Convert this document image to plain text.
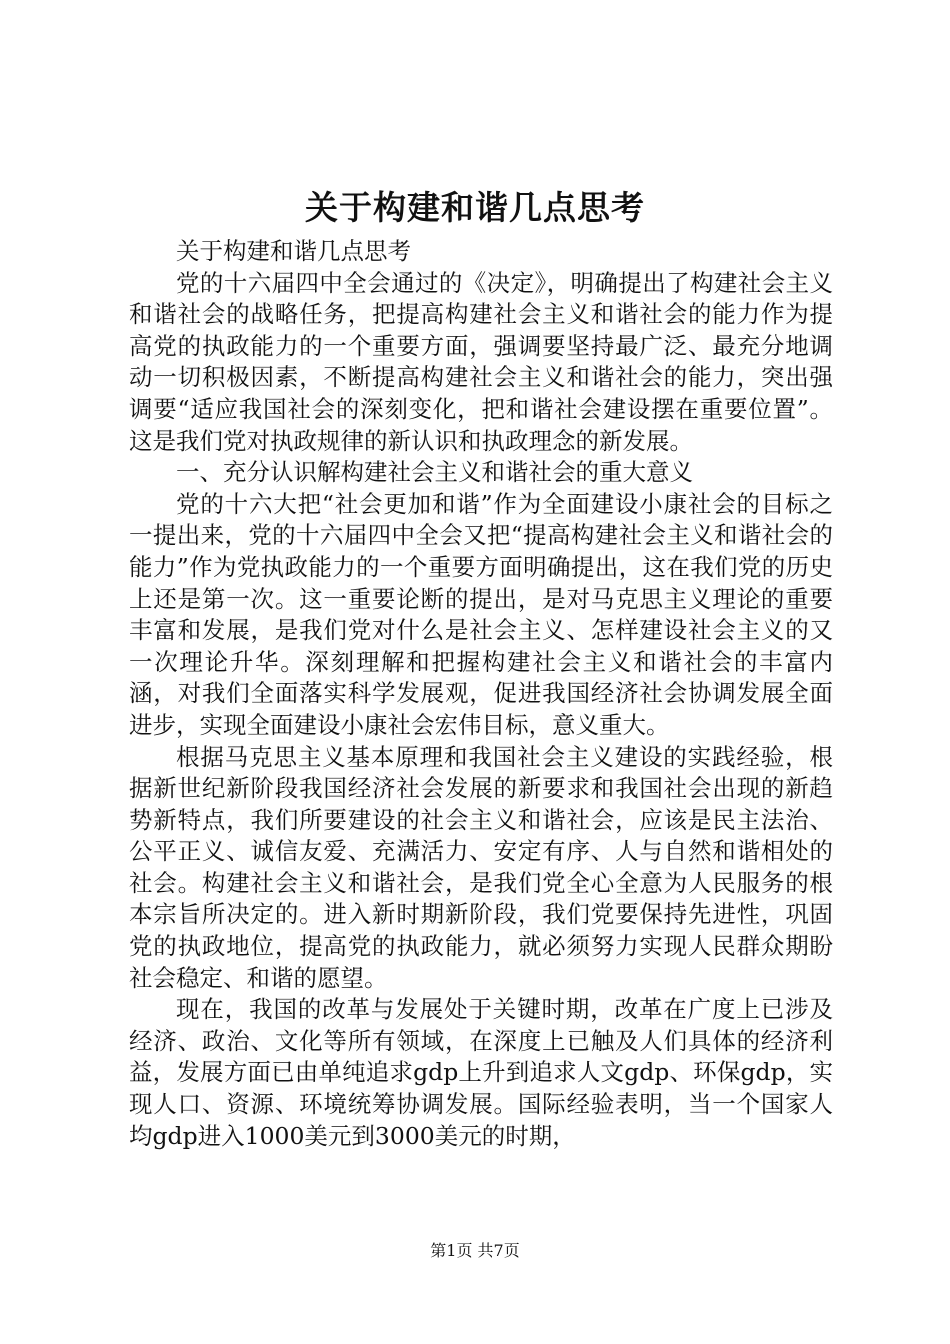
关于构建和谐几点思考

关于构建和谐几点思考

党的十六届四中全会通过的《决定》，明确提出了构建社会主义和谐社会的战略任务，把提高构建社会主义和谐社会的能力作为提高党的执政能力的一个重要方面，强调要坚持最广泛、最充分地调动一切积极因素，不断提高构建社会主义和谐社会的能力，突出强调要“适应我国社会的深刻变化，把和谐社会建设摆在重要位置”。这是我们党对执政规律的新认识和执政理念的新发展。

一、充分认识解构建社会主义和谐社会的重大意义

党的十六大把“社会更加和谐”作为全面建设小康社会的目标之一提出来，党的十六届四中全会又把“提高构建社会主义和谐社会的能力”作为党执政能力的一个重要方面明确提出，这在我们党的历史上还是第一次。这一重要论断的提出，是对马克思主义理论的重要丰富和发展，是我们党对什么是社会主义、怎样建设社会主义的又一次理论升华。深刻理解和把握构建社会主义和谐社会的丰富内涵，对我们全面落实科学发展观，促进我国经济社会协调发展全面进步，实现全面建设小康社会宏伟目标，意义重大。

根据马克思主义基本原理和我国社会主义建设的实践经验，根据新世纪新阶段我国经济社会发展的新要求和我国社会出现的新趋势新特点，我们所要建设的社会主义和谐社会，应该是民主法治、公平正义、诚信友爱、充满活力、安定有序、人与自然和谐相处的社会。构建社会主义和谐社会，是我们党全心全意为人民服务的根本宗旨所决定的。进入新时期新阶段，我们党要保持先进性，巩固党的执政地位，提高党的执政能力，就必须努力实现人民群众期盼社会稳定、和谐的愿望。

现在，我国的改革与发展处于关键时期，改革在广度上已涉及经济、政治、文化等所有领域，在深度上已触及人们具体的经济利益，发展方面已由单纯追求gdp上升到追求人文gdp、环保gdp，实现人口、资源、环境统筹协调发展。国际经验表明，当一个国家人均gdp进入1000美元到3000美元的时期，

第1页 共7页
